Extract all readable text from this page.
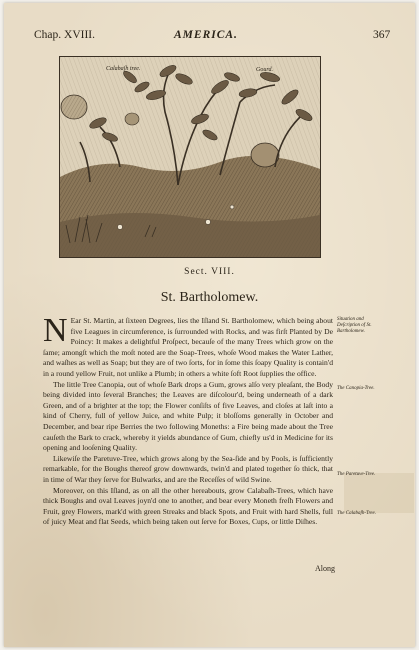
Chap. XVIII.	AMERICA.	367
Calabaſh tree.	Gourd.
Sect. VIII.
St. Bartholomew.

N Ear St. Martin, at ſixteen Degrees, lies the Iſland St. Bartholomew, which being about five Leagues in circumference, is ſurrounded with Rocks, and was firſt Planted by De Poincy: It makes a delightful Proſpect, becauſe of the many Trees which grow on the ſame; amongſt which the moſt noted are the Soap-Trees, whoſe Wood makes the Water Lather, and waſhes as well as Soap; but they are of two ſorts, for in ſome this ſoapy Quality is contain'd in a round yellow Fruit, not unlike a Plumb; in others a white ſoft Root ſupplies the office.

The little Tree Canopia, out of whoſe Bark drops a Gum, grows alſo very pleaſant, the Body being divided into ſeveral Branches; the Leaves are diſcolour'd, being underneath of a dark Green, and of a brighter at the top; the Flower conſiſts of five Leaves, and cloſes at laſt into a kind of Cherry, full of yellow Juice, and white Pulp; it bloſſoms generally in October and December, and bear ripe Berries the two following Moneths: a Fire being made about the Tree cauſeth the Bark to crack, whereby it yields abundance of Gum, chiefly us'd in Medicine for its opening and looſening Quality.

Likewiſe the Paretuve-Tree, which grows along by the Sea-ſide and by Pools, is ſufficiently remarkable, for the Boughs thereof grow downwards, twin'd and plated together ſo thick, that in time of War they ſerve for Bulwarks, and are the Receſſes of wild Swine.

Moreover, on this Iſland, as on all the other hereabouts, grow Calabaſh-Trees, which have thick Boughs and oval Leaves joyn'd one to another, and bear every Moneth freſh Flowers and Fruit, grey Flowers, mark'd with green Streaks and black Spots, and Fruit with hard Shells, full of juicy Meat and flat Seeds, which being taken out ſerve for Boxes, Cups, or little Diſhes.

Situation and Deſcription of St. Bartholomew.
The Canopia-Tree.
The Paretuve-Tree.
The Calabaſh-Tree.
Along
